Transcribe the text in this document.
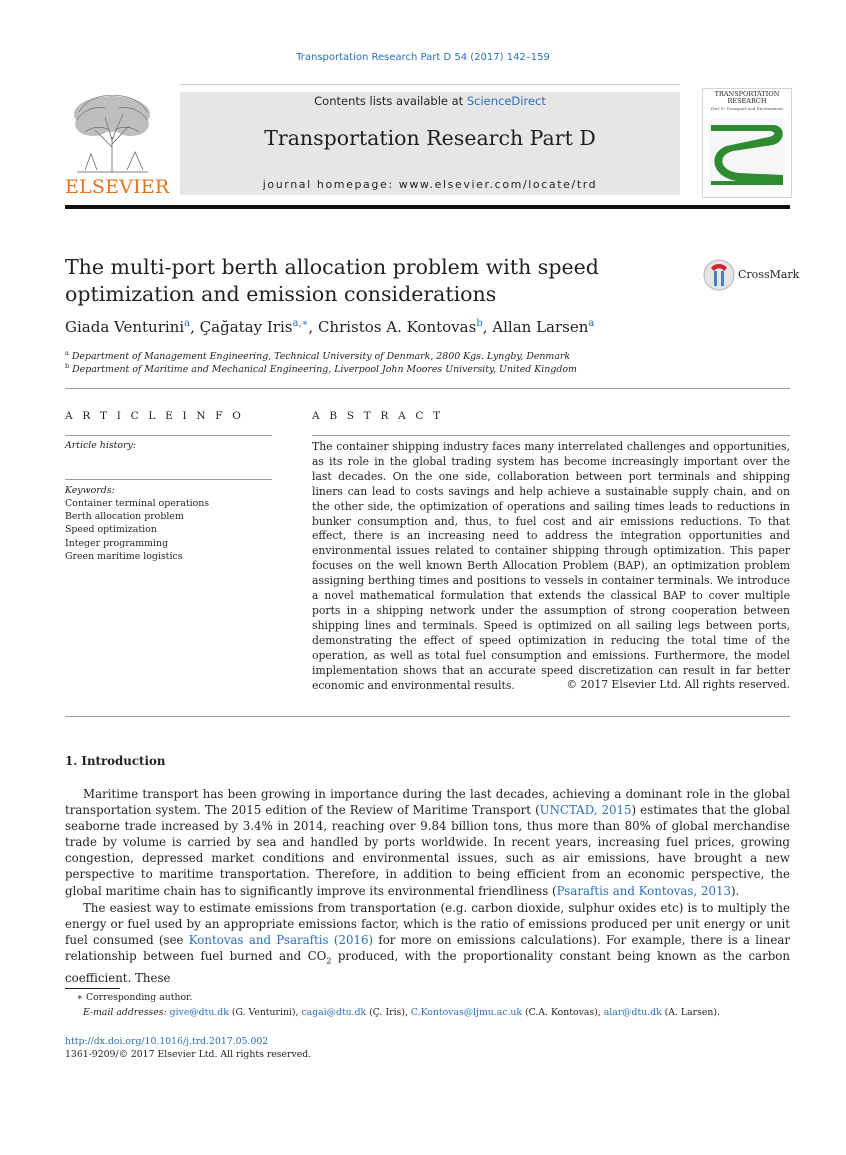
Transportation Research Part D 54 (2017) 142–159
ELSEVIER
Contents lists available at ScienceDirect
Transportation Research Part D
journal homepage: www.elsevier.com/locate/trd
TRANSPORTATION RESEARCH
Part D: Transport and Environment
The multi-port berth allocation problem with speed optimization and emission considerations
CrossMark
Giada Venturini$^a$, Çağatay Iris$^{a,∗}$, Christos A. Kontovas$^b$, Allan Larsen$^a$
$^a$ Department of Management Engineering, Technical University of Denmark, 2800 Kgs. Lyngby, Denmark
$^b$ Department of Maritime and Mechanical Engineering, Liverpool John Moores University, United Kingdom
A R T I C L E I N F O
Article history:
Keywords:
Container terminal operations
Berth allocation problem
Speed optimization
Integer programming
Green maritime logistics
A B S T R A C T

The container shipping industry faces many interrelated challenges and opportunities, as its role in the global trading system has become increasingly important over the last decades. On the one side, collaboration between port terminals and shipping liners can lead to costs savings and help achieve a sustainable supply chain, and on the other side, the optimization of operations and sailing times leads to reductions in bunker consumption and, thus, to fuel cost and air emissions reductions. To that effect, there is an increasing need to address the integration opportunities and environmental issues related to container shipping through optimization. This paper focuses on the well known Berth Allocation Problem (BAP), an optimization problem assigning berthing times and positions to vessels in container terminals. We introduce a novel mathematical formulation that extends the classical BAP to cover multiple ports in a shipping network under the assumption of strong cooperation between shipping lines and terminals. Speed is optimized on all sailing legs between ports, demonstrating the effect of speed optimization in reducing the total time of the operation, as well as total fuel consumption and emissions. Furthermore, the model implementation shows that an accurate speed discretization can result in far better economic and environmental results.	© 2017 Elsevier Ltd. All rights reserved.
1. Introduction

Maritime transport has been growing in importance during the last decades, achieving a dominant role in the global transportation system. The 2015 edition of the Review of Maritime Transport (UNCTAD, 2015) estimates that the global seaborne trade increased by 3.4% in 2014, reaching over 9.84 billion tons, thus more than 80% of global merchandise trade by volume is carried by sea and handled by ports worldwide. In recent years, increasing fuel prices, growing congestion, depressed market conditions and environmental issues, such as air emissions, have brought a new perspective to maritime transportation. Therefore, in addition to being efficient from an economic perspective, the global maritime chain has to significantly improve its environmental friendliness (Psaraftis and Kontovas, 2013).

The easiest way to estimate emissions from transportation (e.g. carbon dioxide, sulphur oxides etc) is to multiply the energy or fuel used by an appropriate emissions factor, which is the ratio of emissions produced per unit energy or unit fuel consumed (see Kontovas and Psaraftis (2016) for more on emissions calculations). For example, there is a linear relationship between fuel burned and $CO_2$ produced, with the proportionality constant being known as the carbon coefficient. These

∗ Corresponding author.
E-mail addresses: give@dtu.dk (G. Venturini), cagai@dtu.dk (Ç. Iris), C.Kontovas@ljmu.ac.uk (C.A. Kontovas), alar@dtu.dk (A. Larsen).
http://dx.doi.org/10.1016/j.trd.2017.05.002
1361-9209/© 2017 Elsevier Ltd. All rights reserved.
